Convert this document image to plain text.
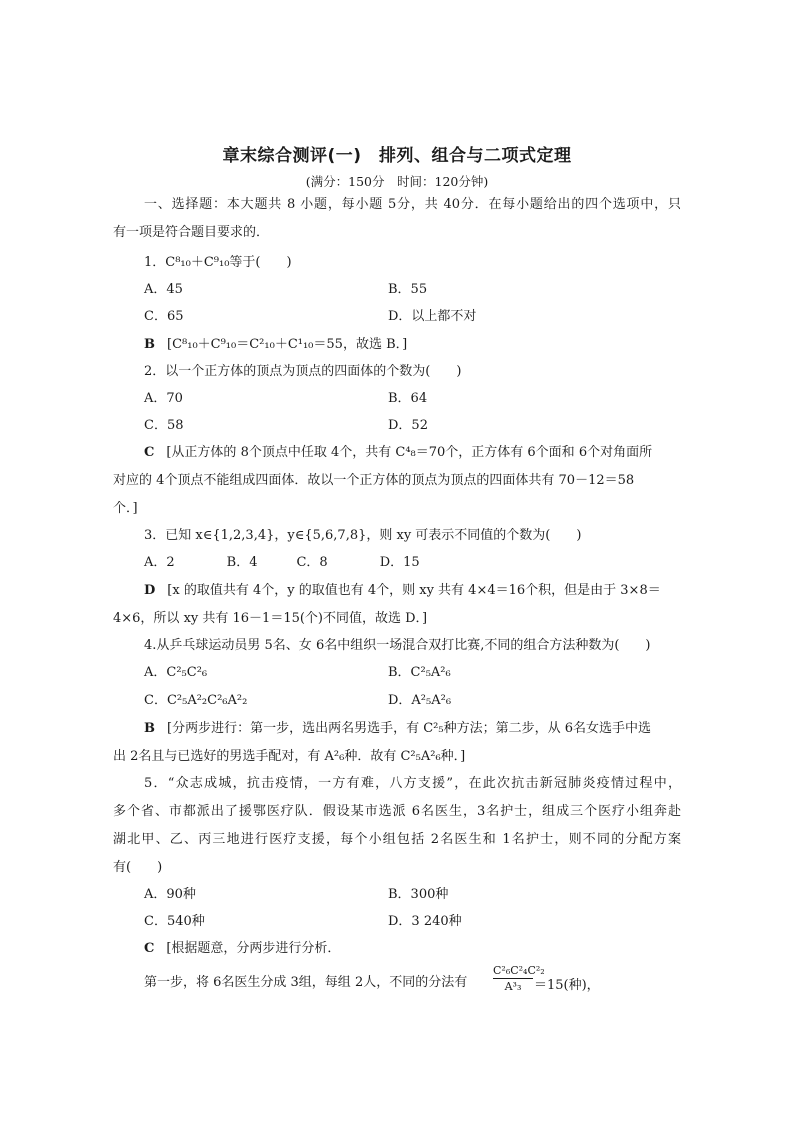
章末综合测评(一)　排列、组合与二项式定理
(满分：150分　时间：120分钟)
一、选择题：本大题共 8 小题，每小题 5分，共 40分．在每小题给出的四个选项中，只
有一项是符合题目要求的．
1．C⁸₁₀＋C⁹₁₀等于(　　)
A．45	B．55
C．65	D．以上都不对
B [C⁸₁₀＋C⁹₁₀＝C²₁₀＋C¹₁₀＝55，故选 B．]
2．以一个正方体的顶点为顶点的四面体的个数为(　　)
A．70	B．64
C．58	D．52
C [从正方体的 8个顶点中任取 4个，共有 C⁴₈＝70个，正方体有 6个面和 6个对角面所
对应的 4个顶点不能组成四面体．故以一个正方体的顶点为顶点的四面体共有 70－12＝58
个．]
3．已知 x∈{1,2,3,4}，y∈{5,6,7,8}，则 xy 可表示不同值的个数为(　　)
A．2　　　　B．4　　　C．8　　　　D．15
D [x 的取值共有 4个，y 的取值也有 4个，则 xy 共有 4×4＝16个积，但是由于 3×8＝
4×6，所以 xy 共有 16－1＝15(个)不同值，故选 D．]
4.从乒乓球运动员男 5名、女 6名中组织一场混合双打比赛,不同的组合方法种数为(　　)
A．C²₅C²₆	B．C²₅A²₆
C．C²₅A²₂C²₆A²₂	D．A²₅A²₆
B [分两步进行：第一步，选出两名男选手，有 C²₅种方法；第二步，从 6名女选手中选
出 2名且与已选好的男选手配对，有 A²₆种．故有 C²₅A²₆种．]
5．“众志成城，抗击疫情，一方有难，八方支援”，在此次抗击新冠肺炎疫情过程中，
多个省、市都派出了援鄂医疗队．假设某市选派 6名医生，3名护士，组成三个医疗小组奔赴
湖北甲、乙、丙三地进行医疗支援，每个小组包括 2名医生和 1名护士，则不同的分配方案
有(　　)
A．90种	B．300种
C．540种	D．3 240种
C [根据题意，分两步进行分析．
第一步，将 6名医生分成 3组，每组 2人，不同的分法有 $\frac{\text{C²₆C²₄C²₂}}{\text{A³₃}} =15$(种)，
